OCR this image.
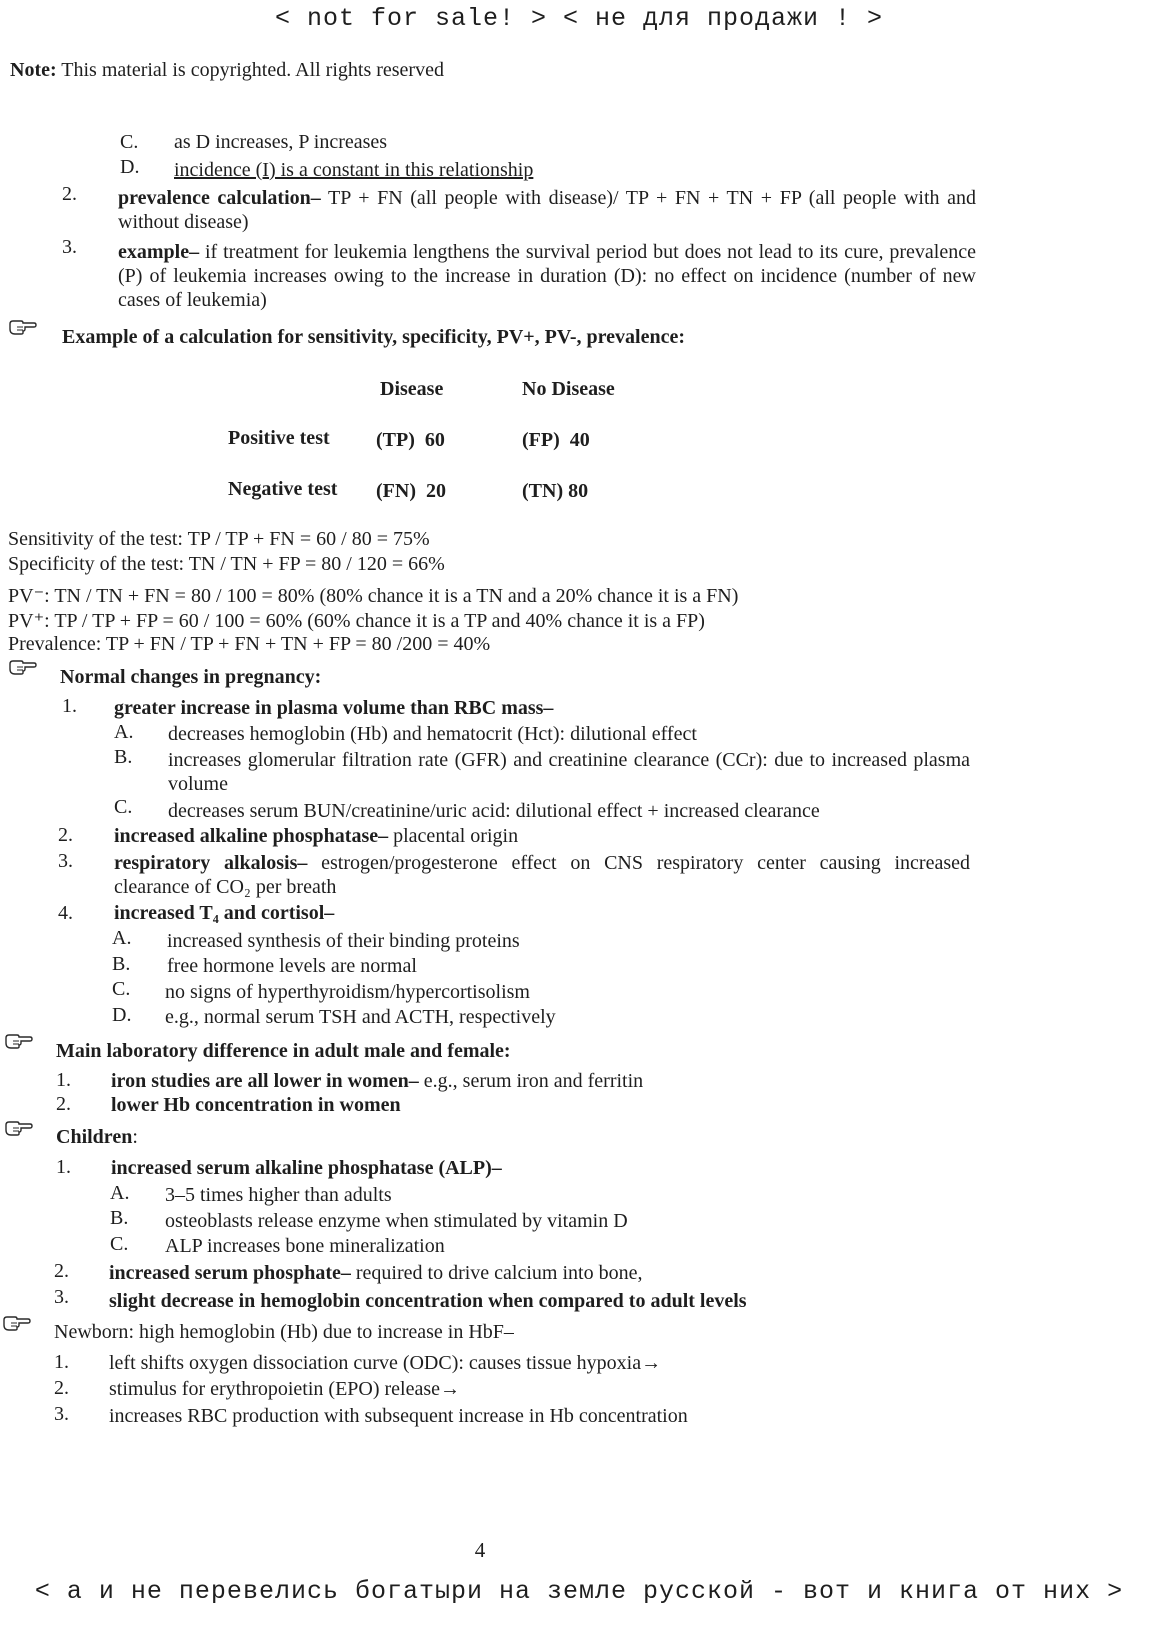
< not for sale! > < не для продажи ! >
Note: This material is copyrighted. All rights reserved
C. as D increases, P increases
D. incidence (I) is a constant in this relationship
2. prevalence calculation– TP + FN (all people with disease)/ TP + FN + TN + FP (all people with and without disease)
3. example– if treatment for leukemia lengthens the survival period but does not lead to its cure, prevalence (P) of leukemia increases owing to the increase in duration (D): no effect on incidence (number of new cases of leukemia)
Example of a calculation for sensitivity, specificity, PV+, PV-, prevalence:
Disease	No Disease
Positive test (TP)  60	(FP)  40
Negative test (FN)  20	(TN) 80
Sensitivity of the test: TP / TP + FN = 60 / 80 = 75%
Specificity of the test: TN / TN + FP = 80 / 120 = 66%
PV⁻: TN / TN + FN = 80 / 100 = 80% (80% chance it is a TN and a 20% chance it is a FN)
PV⁺: TP / TP + FP = 60 / 100 = 60% (60% chance it is a TP and 40% chance it is a FP)
Prevalence: TP + FN / TP + FN + TN + FP = 80 /200 = 40%
Normal changes in pregnancy:
1. greater increase in plasma volume than RBC mass–
A. decreases hemoglobin (Hb) and hematocrit (Hct): dilutional effect
B. increases glomerular filtration rate (GFR) and creatinine clearance (CCr): due to increased plasma volume
C. decreases serum BUN/creatinine/uric acid: dilutional effect + increased clearance
2. increased alkaline phosphatase– placental origin
3. respiratory alkalosis– estrogen/progesterone effect on CNS respiratory center causing increased clearance of CO₂ per breath
4. increased T₄ and cortisol–
A. increased synthesis of their binding proteins
B. free hormone levels are normal
C. no signs of hyperthyroidism/hypercortisolism
D. e.g., normal serum TSH and ACTH, respectively
Main laboratory difference in adult male and female:
1. iron studies are all lower in women– e.g., serum iron and ferritin
2. lower Hb concentration in women
Children:
1. increased serum alkaline phosphatase (ALP)–
A. 3–5 times higher than adults
B. osteoblasts release enzyme when stimulated by vitamin D
C. ALP increases bone mineralization
2. increased serum phosphate– required to drive calcium into bone,
3. slight decrease in hemoglobin concentration when compared to adult levels
Newborn: high hemoglobin (Hb) due to increase in HbF–
1. left shifts oxygen dissociation curve (ODC): causes tissue hypoxia→
2. stimulus for erythropoietin (EPO) release→
3. increases RBC production with subsequent increase in Hb concentration
4
< а и не перевелись богатыри на земле русской - вот и книга от них >
